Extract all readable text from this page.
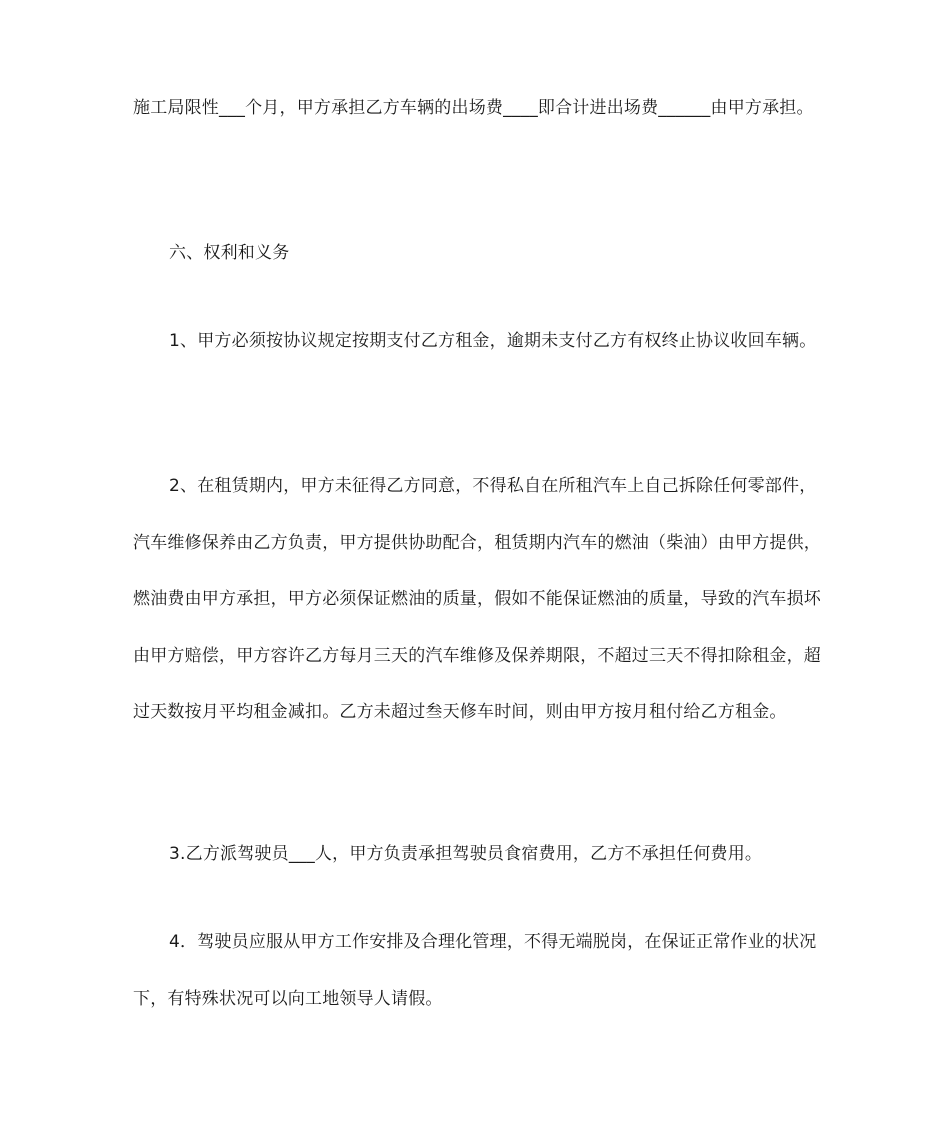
施工局限性___个月，甲方承担乙方车辆的出场费____即合计进出场费______由甲方承担。

六、权利和义务

1、甲方必须按协议规定按期支付乙方租金，逾期未支付乙方有权终止协议收回车辆。

2、在租赁期内，甲方未征得乙方同意，不得私自在所租汽车上自己拆除任何零部件，汽车维修保养由乙方负责，甲方提供协助配合，租赁期内汽车的燃油（柴油）由甲方提供，燃油费由甲方承担，甲方必须保证燃油的质量，假如不能保证燃油的质量，导致的汽车损坏由甲方赔偿，甲方容许乙方每月三天的汽车维修及保养期限，不超过三天不得扣除租金，超过天数按月平均租金减扣。乙方未超过叁天修车时间，则由甲方按月租付给乙方租金。

3.乙方派驾驶员___人，甲方负责承担驾驶员食宿费用，乙方不承担任何费用。

4．驾驶员应服从甲方工作安排及合理化管理，不得无端脱岗，在保证正常作业的状况下，有特殊状况可以向工地领导人请假。
